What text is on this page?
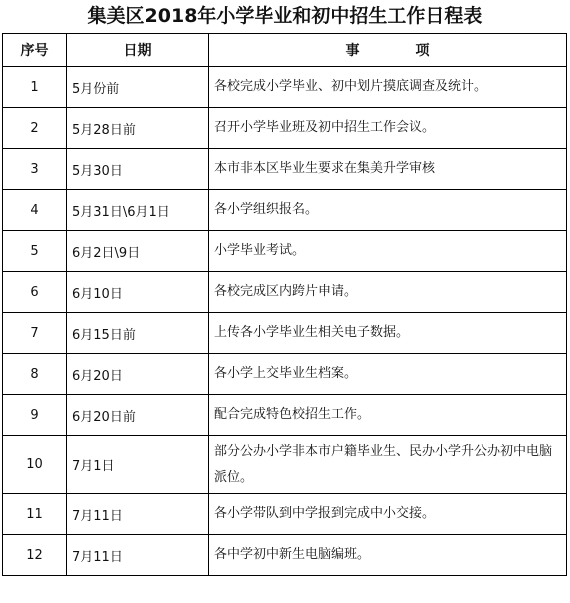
集美区2018年小学毕业和初中招生工作日程表
序号	日期	事　　　　项
1	5月份前	各校完成小学毕业、初中划片摸底调查及统计。
2	5月28日前	召开小学毕业班及初中招生工作会议。
3	5月30日	本市非本区毕业生要求在集美升学审核
4	5月31日\6月1日	各小学组织报名。
5	6月2日\9日	小学毕业考试。
6	6月10日	各校完成区内跨片申请。
7	6月15日前	上传各小学毕业生相关电子数据。
8	6月20日	各小学上交毕业生档案。
9	6月20日前	配合完成特色校招生工作。
10	7月1日	部分公办小学非本市户籍毕业生、民办小学升公办初中电脑派位。
11	7月11日	各小学带队到中学报到完成中小交接。
12	7月11日	各中学初中新生电脑编班。
